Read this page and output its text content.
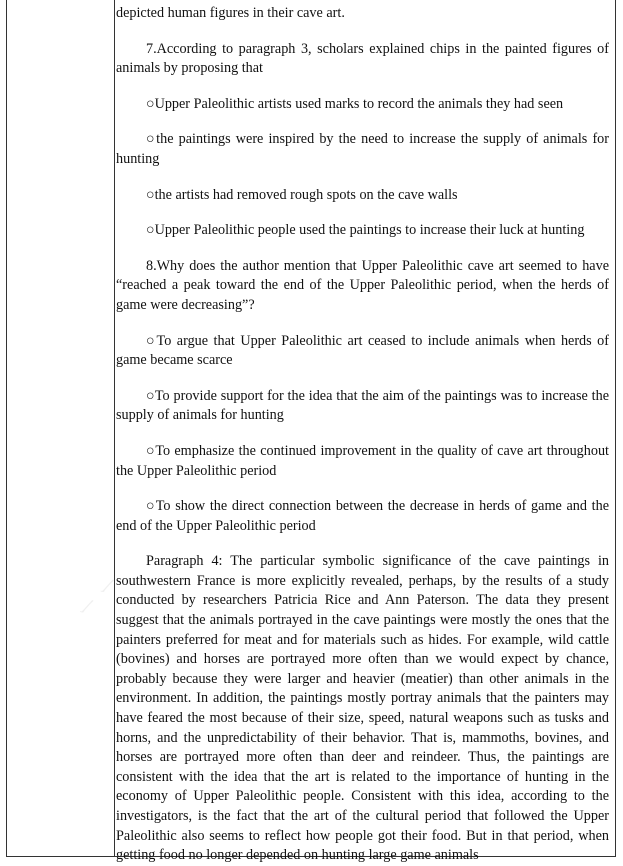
ー ー

depicted human figures in their cave art.

7.According to paragraph 3, scholars explained chips in the painted figures of animals by proposing that

○Upper Paleolithic artists used marks to record the animals they had seen

○the paintings were inspired by the need to increase the supply of animals for hunting

○the artists had removed rough spots on the cave walls

○Upper Paleolithic people used the paintings to increase their luck at hunting

8.Why does the author mention that Upper Paleolithic cave art seemed to have “reached a peak toward the end of the Upper Paleolithic period, when the herds of game were decreasing”?

○To argue that Upper Paleolithic art ceased to include animals when herds of game became scarce

○To provide support for the idea that the aim of the paintings was to increase the supply of animals for hunting

○To emphasize the continued improvement in the quality of cave art throughout the Upper Paleolithic period

○To show the direct connection between the decrease in herds of game and the end of the Upper Paleolithic period

Paragraph 4: The particular symbolic significance of the cave paintings in southwestern France is more explicitly revealed, perhaps, by the results of a study conducted by researchers Patricia Rice and Ann Paterson. The data they present suggest that the animals portrayed in the cave paintings were mostly the ones that the painters preferred for meat and for materials such as hides. For example, wild cattle (bovines) and horses are portrayed more often than we would expect by chance, probably because they were larger and heavier (meatier) than other animals in the environment. In addition, the paintings mostly portray animals that the painters may have feared the most because of their size, speed, natural weapons such as tusks and horns, and the unpredictability of their behavior. That is, mammoths, bovines, and horses are portrayed more often than deer and reindeer. Thus, the paintings are consistent with the idea that the art is related to the importance of hunting in the economy of Upper Paleolithic people. Consistent with this idea, according to the investigators, is the fact that the art of the cultural period that followed the Upper Paleolithic also seems to reflect how people got their food. But in that period, when getting food no longer depended on hunting large game animals
